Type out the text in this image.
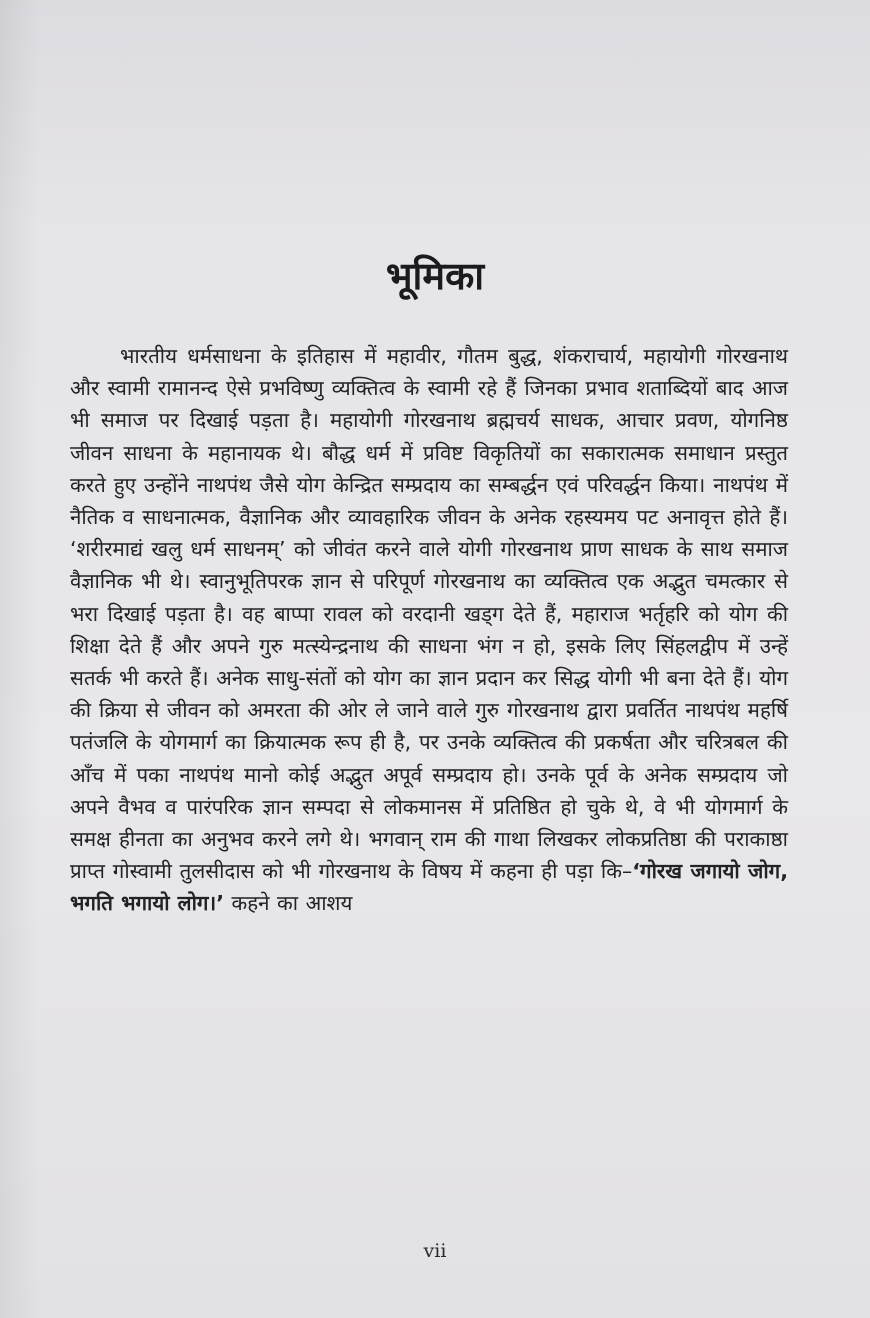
भूमिका
भारतीय धर्मसाधना के इतिहास में महावीर, गौतम बुद्ध, शंकराचार्य, महायोगी गोरखनाथ और स्वामी रामानन्द ऐसे प्रभविष्णु व्यक्तित्व के स्वामी रहे हैं जिनका प्रभाव शताब्दियों बाद आज भी समाज पर दिखाई पड़ता है। महायोगी गोरखनाथ ब्रह्मचर्य साधक, आचार प्रवण, योगनिष्ठ जीवन साधना के महानायक थे। बौद्ध धर्म में प्रविष्ट विकृतियों का सकारात्मक समाधान प्रस्तुत करते हुए उन्होंने नाथपंथ जैसे योग केन्द्रित सम्प्रदाय का सम्बर्द्धन एवं परिवर्द्धन किया। नाथपंथ में नैतिक व साधनात्मक, वैज्ञानिक और व्यावहारिक जीवन के अनेक रहस्यमय पट अनावृत्त होते हैं। ‘शरीरमाद्यं खलु धर्म साधनम्’ को जीवंत करने वाले योगी गोरखनाथ प्राण साधक के साथ समाज वैज्ञानिक भी थे। स्वानुभूतिपरक ज्ञान से परिपूर्ण गोरखनाथ का व्यक्तित्व एक अद्भुत चमत्कार से भरा दिखाई पड़ता है। वह बाप्पा रावल को वरदानी खड्ग देते हैं, महाराज भर्तृहरि को योग की शिक्षा देते हैं और अपने गुरु मत्स्येन्द्रनाथ की साधना भंग न हो, इसके लिए सिंहलद्वीप में उन्हें सतर्क भी करते हैं। अनेक साधु-संतों को योग का ज्ञान प्रदान कर सिद्ध योगी भी बना देते हैं। योग की क्रिया से जीवन को अमरता की ओर ले जाने वाले गुरु गोरखनाथ द्वारा प्रवर्तित नाथपंथ महर्षि पतंजलि के योगमार्ग का क्रियात्मक रूप ही है, पर उनके व्यक्तित्व की प्रकर्षता और चरित्रबल की आँच में पका नाथपंथ मानो कोई अद्भुत अपूर्व सम्प्रदाय हो। उनके पूर्व के अनेक सम्प्रदाय जो अपने वैभव व पारंपरिक ज्ञान सम्पदा से लोकमानस में प्रतिष्ठित हो चुके थे, वे भी योगमार्ग के समक्ष हीनता का अनुभव करने लगे थे। भगवान् राम की गाथा लिखकर लोकप्रतिष्ठा की पराकाष्ठा प्राप्त गोस्वामी तुलसीदास को भी गोरखनाथ के विषय में कहना ही पड़ा कि–‘गोरख जगायो जोग, भगति भगायो लोग।’ कहने का आशय
vii
